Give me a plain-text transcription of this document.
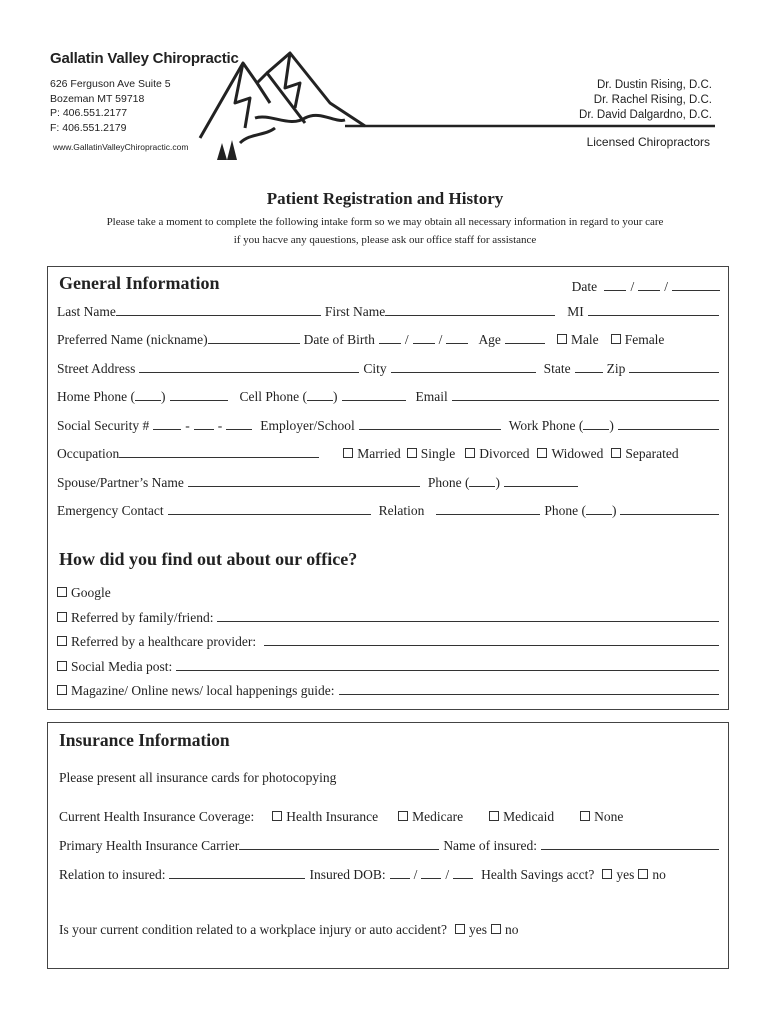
Gallatin Valley Chiropractic
626 Ferguson Ave Suite 5
Bozeman MT 59718
P: 406.551.2177
F: 406.551.2179
www.GallatinValleyChiropractic.com
Dr. Dustin Rising, D.C.
Dr. Rachel Rising, D.C.
Dr. David Dalgardno, D.C.
Licensed Chiropractors
Patient Registration and History
Please take a moment to complete the following intake form so we may obtain all necessary information in regard to your care
if you hacve any qauestions, please ask our office staff for assistance
General Information	Date / /
Last Name	First Name	MI
Preferred Name (nickname)	Date of Birth / /	Age	Male Female
Street Address	City	State	Zip
Home Phone ( )	Cell Phone ( )	Email
Social Security #	- -	Employer/School	Work Phone ( )
Occupation	Married Single Divorced Widowed Separated
Spouse/Partner’s Name	Phone ( )
Emergency Contact	Relation	Phone ( )
How did you find out about our office?
Google
Referred by family/friend:
Referred by a healthcare provider:
Social Media post:
Magazine/ Online news/ local happenings guide:
Insurance Information
Please present all insurance cards for photocopying
Current Health Insurance Coverage: Health Insurance	Medicare	Medicaid	None
Primary Health Insurance Carrier	Name of insured:
Relation to insured:	Insured DOB: / / Health Savings acct? yes no
Is your current condition related to a workplace injury or auto accident? yes no
